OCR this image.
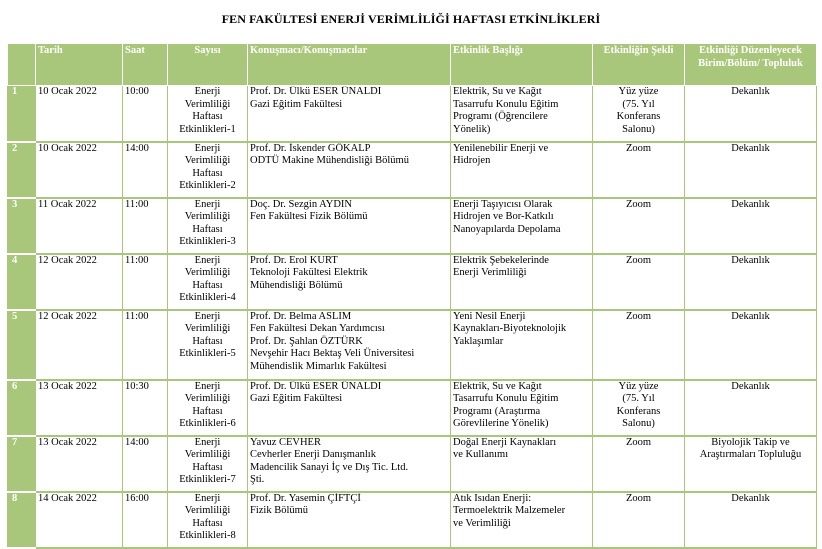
FEN FAKÜLTESİ ENERJİ VERİMLİLİĞİ HAFTASI ETKİNLİKLERİ
	Tarih	Saat	Sayısı	Konuşmacı/Konuşmacılar	Etkinlik Başlığı	Etkinliğin Şekli	Etkinliği Düzenleyecek Birim/Bölüm/ Topluluk
1	10 Ocak 2022	10:00	Enerji
Verimliliği
Haftası
Etkinlikleri-1	Prof. Dr. Ülkü ESER ÜNALDI
Gazi Eğitim Fakültesi	Elektrik, Su ve Kağıt
Tasarrufu Konulu Eğitim
Programı (Öğrencilere
Yönelik)	Yüz yüze
(75. Yıl
Konferans
Salonu)	Dekanlık

2	10 Ocak 2022	14:00	Enerji
Verimliliği
Haftası
Etkinlikleri-2	Prof. Dr. İskender GÖKALP
ODTÜ Makine Mühendisliği Bölümü	Yenilenebilir Enerji ve
Hidrojen	Zoom	Dekanlık

3	11 Ocak 2022	11:00	Enerji
Verimliliği
Haftası
Etkinlikleri-3	Doç. Dr. Sezgin AYDIN
Fen Fakültesi Fizik Bölümü	Enerji Taşıyıcısı Olarak
Hidrojen ve Bor-Katkılı
Nanoyapılarda Depolama	Zoom	Dekanlık

4	12 Ocak 2022	11:00	Enerji
Verimliliği
Haftası
Etkinlikleri-4	Prof. Dr. Erol KURT
Teknoloji Fakültesi Elektrik
Mühendisliği Bölümü	Elektrik Şebekelerinde
Enerji Verimliliği	Zoom	Dekanlık

5	12 Ocak 2022	11:00	Enerji
Verimliliği
Haftası
Etkinlikleri-5	Prof. Dr. Belma ASLIM
Fen Fakültesi Dekan Yardımcısı
Prof. Dr. Şahlan ÖZTÜRK
Nevşehir Hacı Bektaş Veli Üniversitesi
Mühendislik Mimarlık Fakültesi	Yeni Nesil Enerji
Kaynakları-Biyoteknolojik
Yaklaşımlar	Zoom	Dekanlık

6	13 Ocak 2022	10:30	Enerji
Verimliliği
Haftası
Etkinlikleri-6	Prof. Dr. Ülkü ESER ÜNALDI
Gazi Eğitim Fakültesi	Elektrik, Su ve Kağıt
Tasarrufu Konulu Eğitim
Programı (Araştırma
Görevlilerine Yönelik)	Yüz yüze
(75. Yıl
Konferans
Salonu)	Dekanlık

7	13 Ocak 2022	14:00	Enerji
Verimliliği
Haftası
Etkinlikleri-7	Yavuz CEVHER
Cevherler Enerji Danışmanlık
Madencilik Sanayi İç ve Dış Tic. Ltd.
Şti.	Doğal Enerji Kaynakları
ve Kullanımı	Zoom	Biyolojik Takip ve
Araştırmaları Topluluğu

8	14 Ocak 2022	16:00	Enerji
Verimliliği
Haftası
Etkinlikleri-8	Prof. Dr. Yasemin ÇİFTÇİ
Fizik Bölümü	Atık Isıdan Enerji:
Termoelektrik Malzemeler
ve Verimliliği	Zoom	Dekanlık
